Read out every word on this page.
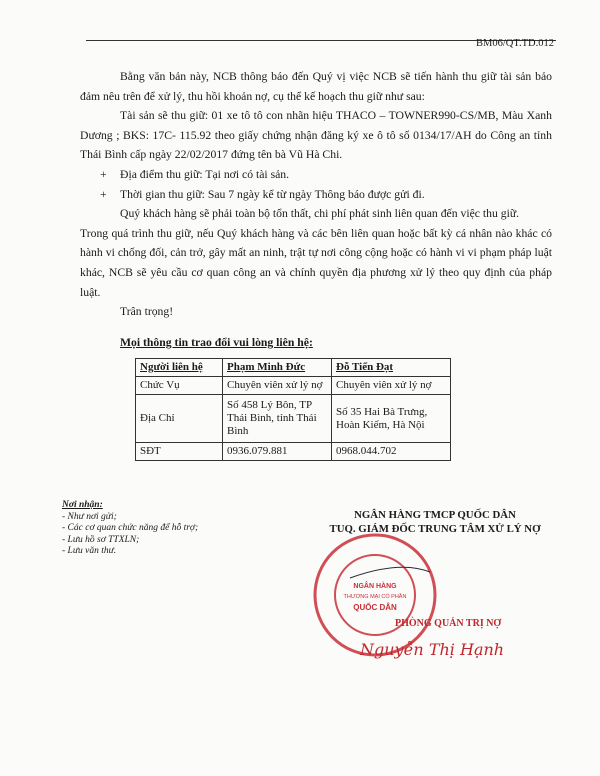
BM06/QT.TD.012

Bằng văn bản này, NCB thông báo đến Quý vị việc NCB sẽ tiến hành thu giữ tài sản bảo đảm nêu trên để xử lý, thu hồi khoản nợ, cụ thể kế hoạch thu giữ như sau:

Tài sản sẽ thu giữ: 01 xe tô tô con nhãn hiệu THACO – TOWNER990-CS/MB, Màu Xanh Dương ; BKS: 17C- 115.92 theo giấy chứng nhận đăng ký xe ô tô số 0134/17/AH do Công an tỉnh Thái Bình cấp ngày 22/02/2017 đứng tên bà Vũ Hà Chi.

+ Địa điểm thu giữ: Tại nơi có tài sản.

+ Thời gian thu giữ: Sau 7 ngày kể từ ngày Thông báo được gửi đi.

Quý khách hàng sẽ phải toàn bộ tổn thất, chi phí phát sinh liên quan đến việc thu giữ.

Trong quá trình thu giữ, nếu Quý khách hàng và các bên liên quan hoặc bất kỳ cá nhân nào khác có hành vi chống đối, cản trở, gây mất an ninh, trật tự nơi công cộng hoặc có hành vi vi phạm pháp luật khác, NCB sẽ yêu cầu cơ quan công an và chính quyền địa phương xử lý theo quy định của pháp luật.

Trân trọng!

Mọi thông tin trao đổi vui lòng liên hệ:
Người liên hệ	Phạm Minh Đức	Đỗ Tiến Đạt
Chức Vụ	Chuyên viên xử lý nợ	Chuyên viên xử lý nợ
Địa Chỉ	Số 458 Lý Bôn, TP Thái Bình, tỉnh Thái Bình	Số 35 Hai Bà Trưng, Hoàn Kiếm, Hà Nội
SĐT	0936.079.881	0968.044.702
Nơi nhận:
- Như nơi gửi;
- Các cơ quan chức năng để hỗ trợ;
- Lưu hồ sơ TTXLN;
- Lưu văn thư.
NGÂN HÀNG TMCP QUỐC DÂN
TUQ. GIÁM ĐỐC TRUNG TÂM XỬ LÝ NỢ
NGÂN HÀNG
THƯƠNG MẠI CỔ PHẦN
QUỐC DÂN
PHÒNG QUẢN TRỊ NỢ
Nguyễn Thị Hạnh
